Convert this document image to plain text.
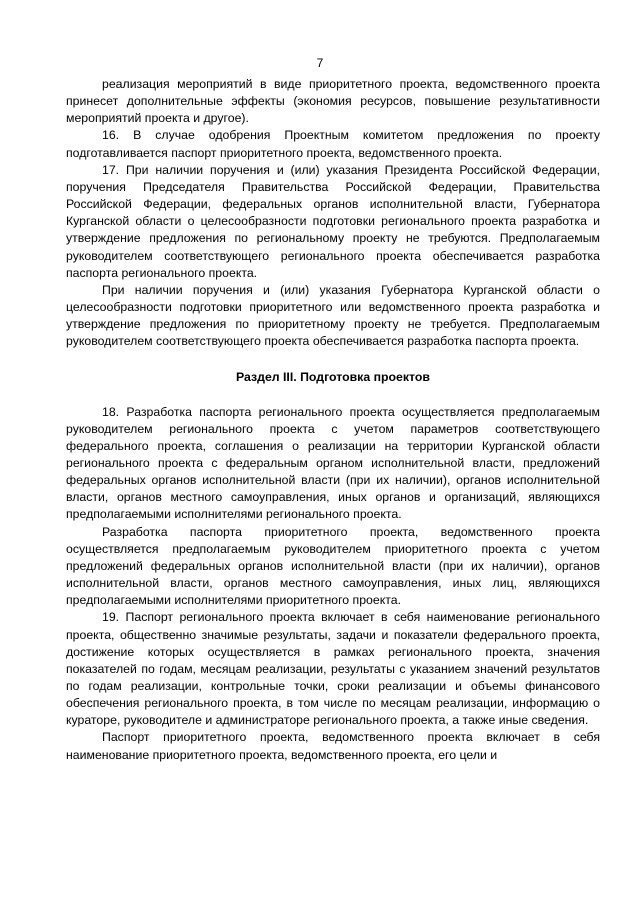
7

реализация мероприятий в виде приоритетного проекта, ведомственного проекта принесет дополнительные эффекты (экономия ресурсов, повышение результативности мероприятий проекта и другое).

16. В случае одобрения Проектным комитетом предложения по проекту подготавливается паспорт приоритетного проекта, ведомственного проекта.

17. При наличии поручения и (или) указания Президента Российской Федерации, поручения Председателя Правительства Российской Федерации, Правительства Российской Федерации, федеральных органов исполнительной власти, Губернатора Курганской области о целесообразности подготовки регионального проекта разработка и утверждение предложения по региональному проекту не требуются. Предполагаемым руководителем соответствующего регионального проекта обеспечивается разработка паспорта регионального проекта.

При наличии поручения и (или) указания Губернатора Курганской области о целесообразности подготовки приоритетного или ведомственного проекта разработка и утверждение предложения по приоритетному проекту не требуется. Предполагаемым руководителем соответствующего проекта обеспечивается разработка паспорта проекта.

Раздел III. Подготовка проектов

18. Разработка паспорта регионального проекта осуществляется предполагаемым руководителем регионального проекта с учетом параметров соответствующего федерального проекта, соглашения о реализации на территории Курганской области регионального проекта с федеральным органом исполнительной власти, предложений федеральных органов исполнительной власти (при их наличии), органов исполнительной власти, органов местного самоуправления, иных органов и организаций, являющихся предполагаемыми исполнителями регионального проекта.

Разработка паспорта приоритетного проекта, ведомственного проекта осуществляется предполагаемым руководителем приоритетного проекта с учетом предложений федеральных органов исполнительной власти (при их наличии), органов исполнительной власти, органов местного самоуправления, иных лиц, являющихся предполагаемыми исполнителями приоритетного проекта.

19. Паспорт регионального проекта включает в себя наименование регионального проекта, общественно значимые результаты, задачи и показатели федерального проекта, достижение которых осуществляется в рамках регионального проекта, значения показателей по годам, месяцам реализации, результаты с указанием значений результатов по годам реализации, контрольные точки, сроки реализации и объемы финансового обеспечения регионального проекта, в том числе по месяцам реализации, информацию о кураторе, руководителе и администраторе регионального проекта, а также иные сведения.

Паспорт приоритетного проекта, ведомственного проекта включает в себя наименование приоритетного проекта, ведомственного проекта, его цели и
